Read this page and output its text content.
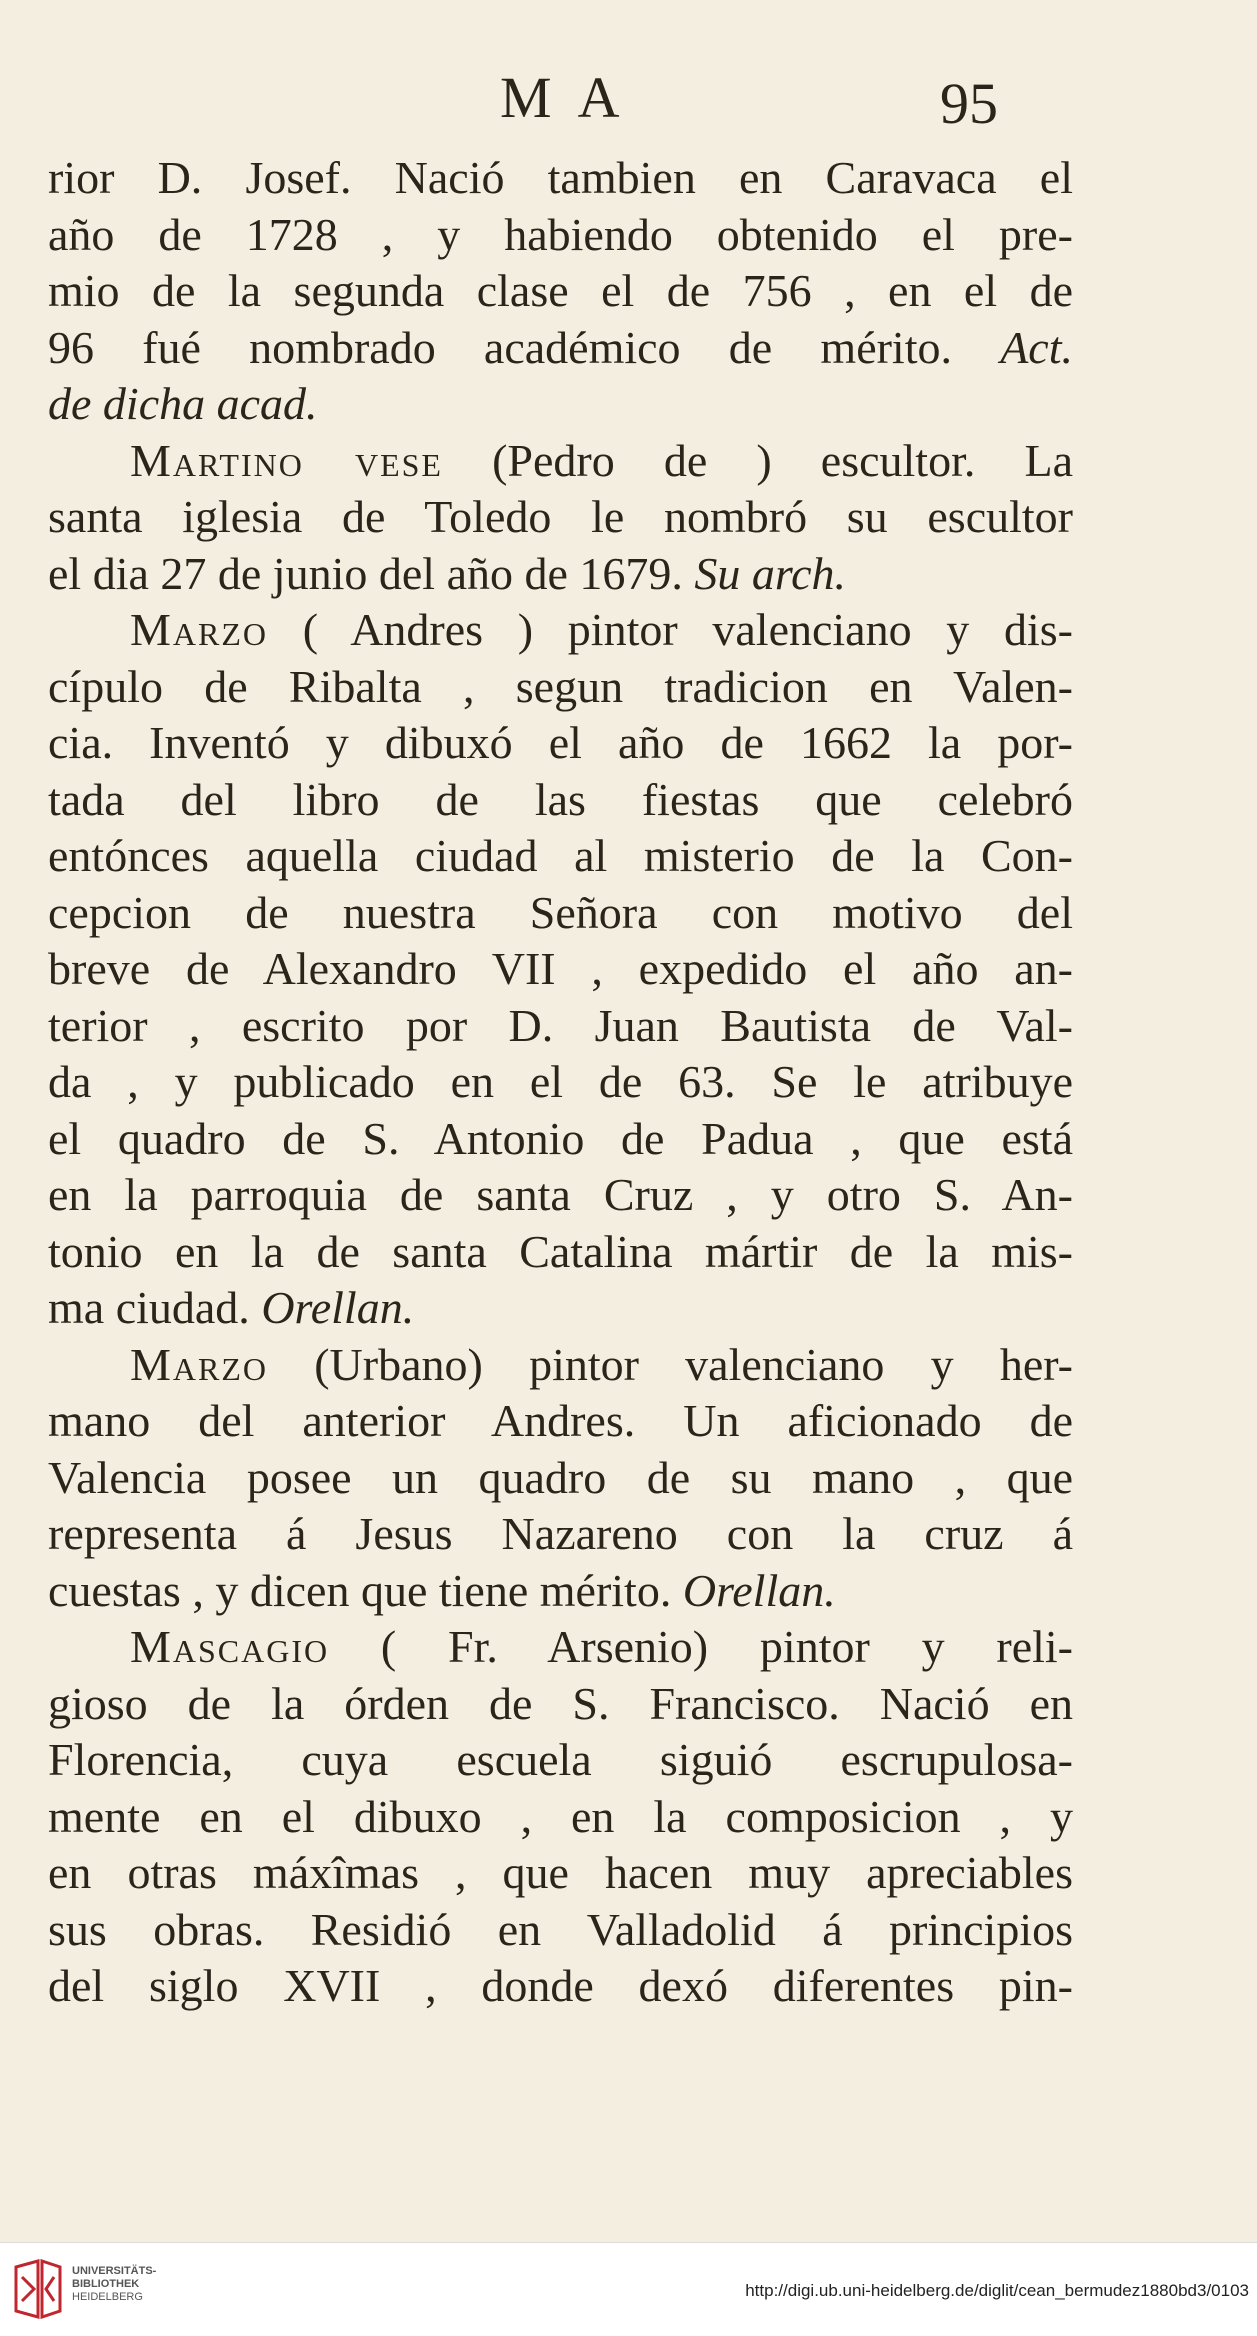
MA	95
rior D. Josef. Nació tambien en Caravaca el
año de 1728 , y habiendo obtenido el pre-
mio de la segunda clase el de 756 , en el de
96 fué nombrado académico de mérito. Act.
de dicha acad.
Martino vese (Pedro de ) escultor. La
santa iglesia de Toledo le nombró su escultor
el dia 27 de junio del año de 1679. Su arch.
Marzo ( Andres ) pintor valenciano y dis-
cípulo de Ribalta , segun tradicion en Valen-
cia. Inventó y dibuxó el año de 1662 la por-
tada del libro de las fiestas que celebró
entónces aquella ciudad al misterio de la Con-
cepcion de nuestra Señora con motivo del
breve de Alexandro VII , expedido el año an-
terior , escrito por D. Juan Bautista de Val-
da , y publicado en el de 63. Se le atribuye
el quadro de S. Antonio de Padua , que está
en la parroquia de santa Cruz , y otro S. An-
tonio en la de santa Catalina mártir de la mis-
ma ciudad. Orellan.
Marzo (Urbano) pintor valenciano y her-
mano del anterior Andres. Un aficionado de
Valencia posee un quadro de su mano , que
representa á Jesus Nazareno con la cruz á
cuestas , y dicen que tiene mérito. Orellan.
Mascagio ( Fr. Arsenio) pintor y reli-
gioso de la órden de S. Francisco. Nació en
Florencia, cuya escuela siguió escrupulosa-
mente en el dibuxo , en la composicion , y
en otras máxîmas , que hacen muy apreciables
sus obras. Residió en Valladolid á principios
del siglo XVII , donde dexó diferentes pin-
UNIVERSITÄTS-
BIBLIOTHEK
HEIDELBERG	http://digi.ub.uni-heidelberg.de/diglit/cean_bermudez1880bd3/0103
